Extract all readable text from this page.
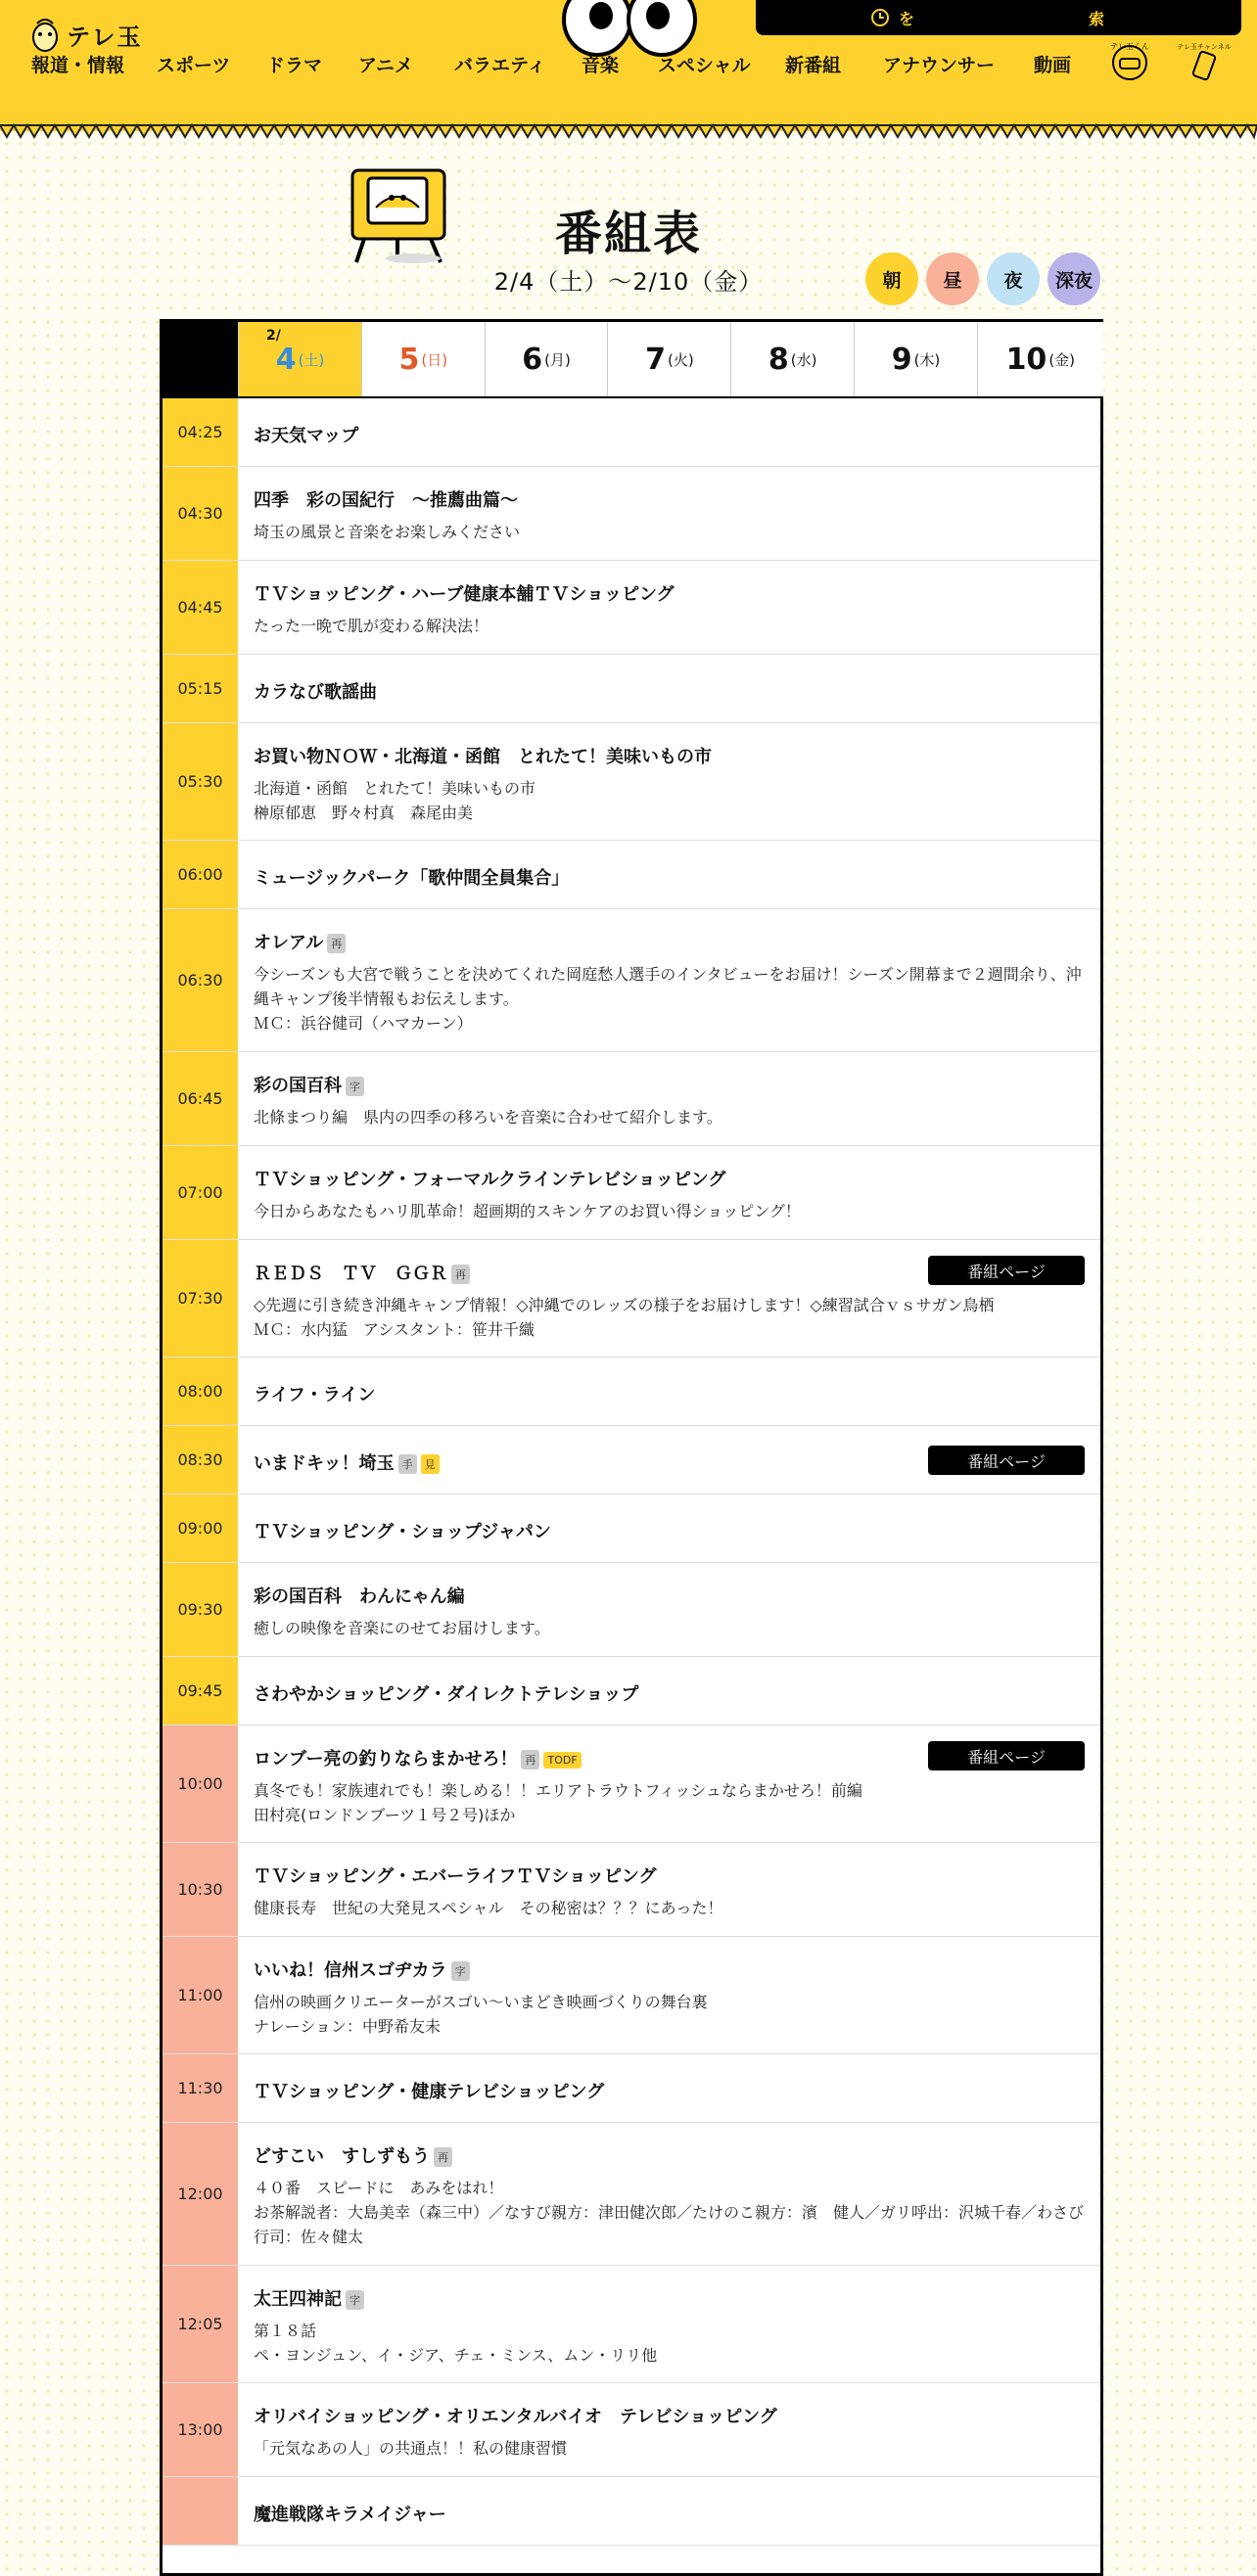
テレ玉
報道・情報 スポーツ ドラマ アニメ バラエティ 音楽 スペシャル 新番組 アナウンサー 動画
を	索
テレ玉くん	テレ玉チャンネル
番組表
2/4（土）〜2/10（金）	朝	昼	夜	深夜
2/
4 (土)	5 (日)	6 (月)	7 (火)	8 (水)	9 (木) 10 (金)
04:25	お天気マップ
04:30
四季　彩の国紀行　～推薦曲篇～
埼玉の風景と音楽をお楽しみください
04:45
ＴＶショッピング・ハーブ健康本舗ＴＶショッピング
たった一晩で肌が変わる解決法！
05:15	カラなび歌謡曲
05:30
お買い物ＮＯＷ・北海道・函館　とれたて！美味いもの市
北海道・函館　とれたて！美味いもの市
榊原郁恵　野々村真　森尾由美
06:00	ミュージックパーク「歌仲間全員集合」
06:30
オレアル 再
今シーズンも大宮で戦うことを決めてくれた岡庭愁人選手のインタビューをお届け！シーズン開幕まで２週間余り、沖縄キャンプ後半情報もお伝えします。
ＭＣ：浜谷健司（ハマカーン）
06:45
彩の国百科 字
北條まつり編　県内の四季の移ろいを音楽に合わせて紹介します。
07:00
ＴＶショッピング・フォーマルクラインテレビショッピング
今日からあなたもハリ肌革命！超画期的スキンケアのお買い得ショッピング！
07:30
ＲＥＤＳ　ＴＶ　ＧＧＲ 再	番組ページ
◇先週に引き続き沖縄キャンプ情報！◇沖縄でのレッズの様子をお届けします！◇練習試合ｖｓサガン鳥栖
ＭＣ：水内猛　アシスタント：笹井千織
08:00	ライフ・ライン
08:30	いまドキッ！埼玉 手 見	番組ページ
09:00	ＴＶショッピング・ショップジャパン
09:30
彩の国百科　わんにゃん編
癒しの映像を音楽にのせてお届けします。
09:45	さわやかショッピング・ダイレクトテレショップ
10:00
ロンブー亮の釣りならまかせろ！ 再 TODF	番組ページ
真冬でも！家族連れでも！楽しめる！！エリアトラウトフィッシュならまかせろ！前編
田村亮(ロンドンブーツ１号２号)ほか
10:30
ＴＶショッピング・エバーライフＴＶショッピング
健康長寿　世紀の大発見スペシャル　その秘密は？？？にあった！
11:00
いいね！信州スゴヂカラ 字
信州の映画クリエーターがスゴい～いまどき映画づくりの舞台裏
ナレーション：中野希友未
11:30	ＴＶショッピング・健康テレビショッピング
12:00
どすこい　すしずもう 再
４０番　スピードに　あみをはれ！
お茶解説者：大島美幸（森三中）／なすび親方：津田健次郎／たけのこ親方：濱　健人／ガリ呼出：沢城千春／わさび行司：佐々健太
12:05
太王四神記 字
第１８話
ペ・ヨンジュン、イ・ジア、チェ・ミンス、ムン・リリ他
13:00
オリバイショッピング・オリエンタルバイオ　テレビショッピング
「元気なあの人」の共通点！！私の健康習慣
魔進戦隊キラメイジャー
